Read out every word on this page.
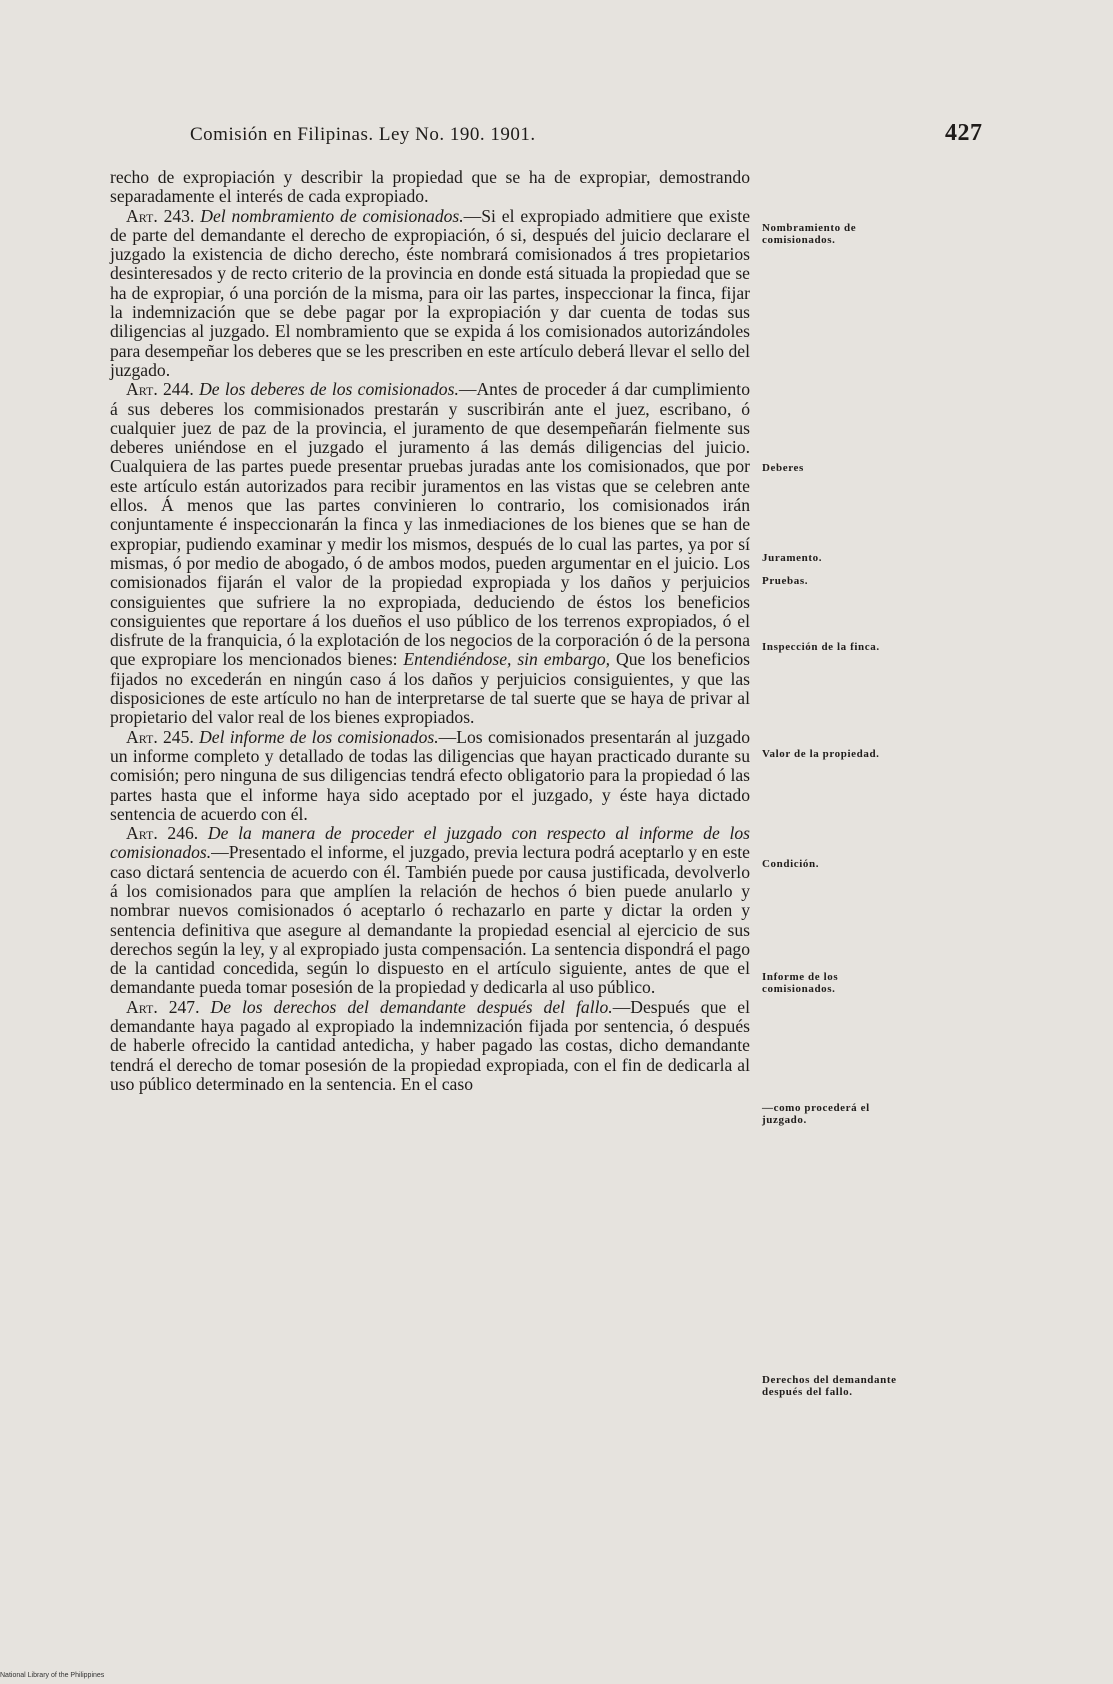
Comisión en Filipinas. Ley No. 190. 1901.	427

recho de expropiación y describir la propiedad que se ha de expropiar, demostrando separadamente el interés de cada expropiado.

Art. 243. Del nombramiento de comisionados.—Si el expropiado admitiere que existe de parte del demandante el derecho de expropiación, ó si, después del juicio declarare el juzgado la existencia de dicho derecho, éste nombrará comisionados á tres propietarios desinteresados y de recto criterio de la provincia en donde está situada la propiedad que se ha de expropiar, ó una porción de la misma, para oir las partes, inspeccionar la finca, fijar la indemnización que se debe pagar por la expropiación y dar cuenta de todas sus diligencias al juzgado. El nombramiento que se expida á los comisionados autorizándoles para desempeñar los deberes que se les prescriben en este artículo deberá llevar el sello del juzgado.

Art. 244. De los deberes de los comisionados.—Antes de proceder á dar cumplimiento á sus deberes los commisionados prestarán y suscribirán ante el juez, escribano, ó cualquier juez de paz de la provincia, el juramento de que desempeñarán fielmente sus deberes uniéndose en el juzgado el juramento á las demás diligencias del juicio. Cualquiera de las partes puede presentar pruebas juradas ante los comisionados, que por este artículo están autorizados para recibir juramentos en las vistas que se celebren ante ellos. Á menos que las partes convinieren lo contrario, los comisionados irán conjuntamente é inspeccionarán la finca y las inmediaciones de los bienes que se han de expropiar, pudiendo examinar y medir los mismos, después de lo cual las partes, ya por sí mismas, ó por medio de abogado, ó de ambos modos, pueden argumentar en el juicio. Los comisionados fijarán el valor de la propiedad expropiada y los daños y perjuicios consiguientes que sufriere la no expropiada, deduciendo de éstos los beneficios consiguientes que reportare á los dueños el uso público de los terrenos expropiados, ó el disfrute de la franquicia, ó la explotación de los negocios de la corporación ó de la persona que expropiare los mencionados bienes: Entendiéndose, sin embargo, Que los beneficios fijados no excederán en ningún caso á los daños y perjuicios consiguientes, y que las disposiciones de este artículo no han de interpretarse de tal suerte que se haya de privar al propietario del valor real de los bienes expropiados.

Art. 245. Del informe de los comisionados.—Los comisionados presentarán al juzgado un informe completo y detallado de todas las diligencias que hayan practicado durante su comisión; pero ninguna de sus diligencias tendrá efecto obligatorio para la propiedad ó las partes hasta que el informe haya sido aceptado por el juzgado, y éste haya dictado sentencia de acuerdo con él.

Art. 246. De la manera de proceder el juzgado con respecto al informe de los comisionados.—Presentado el informe, el juzgado, previa lectura podrá aceptarlo y en este caso dictará sentencia de acuerdo con él. También puede por causa justificada, devolverlo á los comisionados para que amplíen la relación de hechos ó bien puede anularlo y nombrar nuevos comisionados ó aceptarlo ó rechazarlo en parte y dictar la orden y sentencia definitiva que asegure al demandante la propiedad esencial al ejercicio de sus derechos según la ley, y al expropiado justa compensación. La sentencia dispondrá el pago de la cantidad concedida, según lo dispuesto en el artículo siguiente, antes de que el demandante pueda tomar posesión de la propiedad y dedicarla al uso público.

Art. 247. De los derechos del demandante después del fallo.—Después que el demandante haya pagado al expropiado la indemnización fijada por sentencia, ó después de haberle ofrecido la cantidad antedicha, y haber pagado las costas, dicho demandante tendrá el derecho de tomar posesión de la propiedad expropiada, con el fin de dedicarla al uso público determinado en la sentencia. En el caso

Nombramiento de comisionados.
Deberes
Juramento.
Pruebas.
Inspección de la finca.
Valor de la propiedad.
Condición.
Informe de los comisionados.
—como procederá el juzgado.
Derechos del demandante después del fallo.
National Library of the Philippines
